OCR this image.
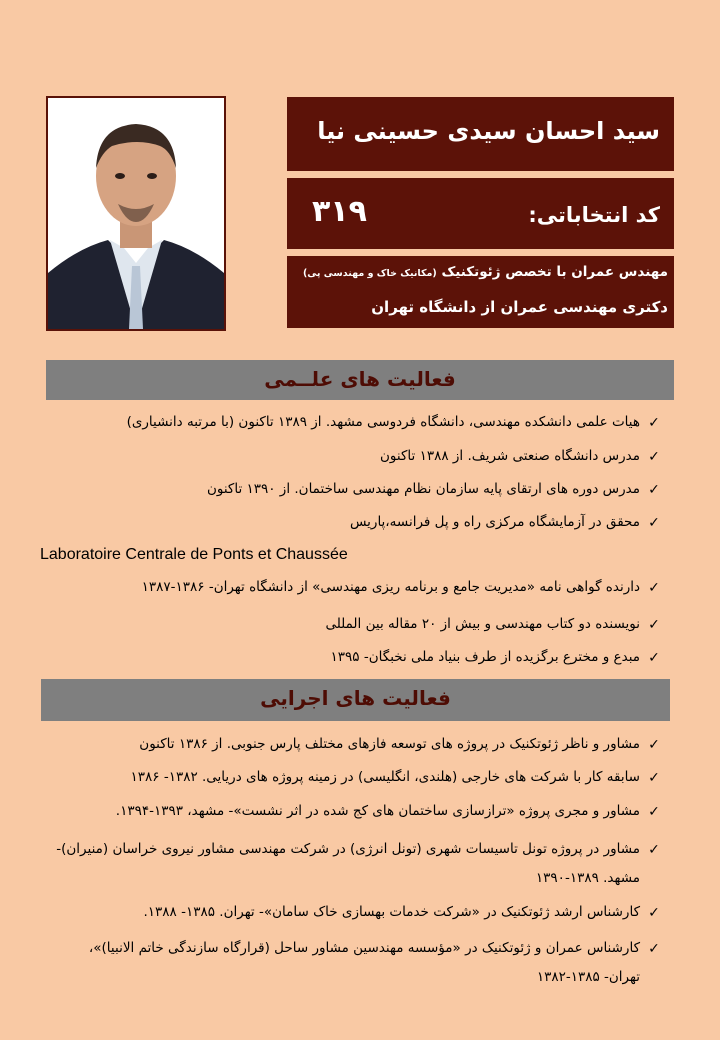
سید احسان سیدی حسینی نیا
کد انتخاباتی:
۳۱۹
مهندس عمران با تخصص ژئوتکنیک (مکانیک خاک و مهندسی پی)
دکتری مهندسی عمران از دانشگاه تهران
فعالیت های علــمی
✓
هیات علمی دانشکده مهندسی، دانشگاه فردوسی مشهد. از ۱۳۸۹ تاکنون (با مرتبه دانشیاری)
✓
مدرس دانشگاه صنعتی شریف. از ۱۳۸۸ تاکنون
✓
مدرس دوره های ارتقای پایه سازمان نظام مهندسی ساختمان. از ۱۳۹۰ تاکنون
✓
محقق در آزمایشگاه مرکزی راه و پل فرانسه،پاریس
Laboratoire Centrale de Ponts et Chaussée
✓
دارنده گواهی نامه «مدیریت جامع و برنامه ریزی مهندسی» از دانشگاه تهران- ۱۳۸۶-۱۳۸۷
✓
نویسنده دو کتاب مهندسی و بیش از ۲۰ مقاله بین المللی
✓
مبدع و مخترع برگزیده از طرف بنیاد ملی نخبگان- ۱۳۹۵
فعالیت های اجرایی
✓
مشاور و ناظر ژئوتکنیک در پروژه های توسعه فازهای مختلف پارس جنوبی. از ۱۳۸۶ تاکنون
✓
سابقه کار با شرکت های خارجی (هلندی، انگلیسی) در زمینه پروژه های دریایی. ۱۳۸۲- ۱۳۸۶
✓
مشاور و مجری پروژه «ترازسازی ساختمان های کج شده در اثر نشست»- مشهد، ۱۳۹۳-۱۳۹۴.
✓
مشاور در پروژه تونل تاسیسات شهری (تونل انرژی) در شرکت مهندسی مشاور نیروی خراسان (منیران)- مشهد. ۱۳۸۹-۱۳۹۰
✓
کارشناس ارشد ژئوتکنیک در «شرکت خدمات بهسازی خاک سامان»- تهران. ۱۳۸۵- ۱۳۸۸.
✓
کارشناس عمران و ژئوتکنیک در «مؤسسه مهندسین مشاور ساحل (قرارگاه سازندگی خاتم الانبیا)»، تهران- ۱۳۸۵-۱۳۸۲
